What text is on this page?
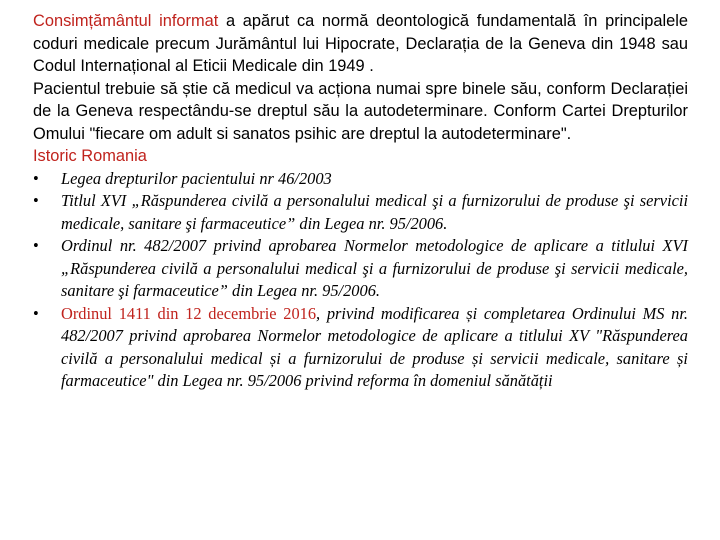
Consimțământul informat a apărut ca normă deontologică fundamentală în principalele coduri medicale precum Jurământul lui Hipocrate, Declarația de la Geneva din 1948 sau Codul Internațional al Eticii Medicale din 1949 .

Pacientul trebuie să știe că medicul va acționa numai spre binele său, conform Declarației de la Geneva respectându-se dreptul său la autodeterminare. Conform Cartei Drepturilor Omului "fiecare om adult si sanatos psihic are dreptul la autodeterminare".

Istoric Romania

• Legea drepturilor pacientului nr 46/2003
• Titlul XVI „Răspunderea civilă a personalului medical şi a furnizorului de produse şi servicii medicale, sanitare şi farmaceutice” din Legea nr. 95/2006.
• Ordinul nr. 482/2007 privind aprobarea Normelor metodologice de aplicare a titlului XVI „Răspunderea civilă a personalului medical şi a furnizorului de produse şi servicii medicale, sanitare şi farmaceutice” din Legea nr. 95/2006.
• Ordinul 1411 din 12 decembrie 2016, privind modificarea și completarea Ordinului MS nr. 482/2007 privind aprobarea Normelor metodologice de aplicare a titlului XV "Răspunderea civilă a personalului medical și a furnizorului de produse și servicii medicale, sanitare și farmaceutice" din Legea nr. 95/2006 privind reforma în domeniul sănătății
